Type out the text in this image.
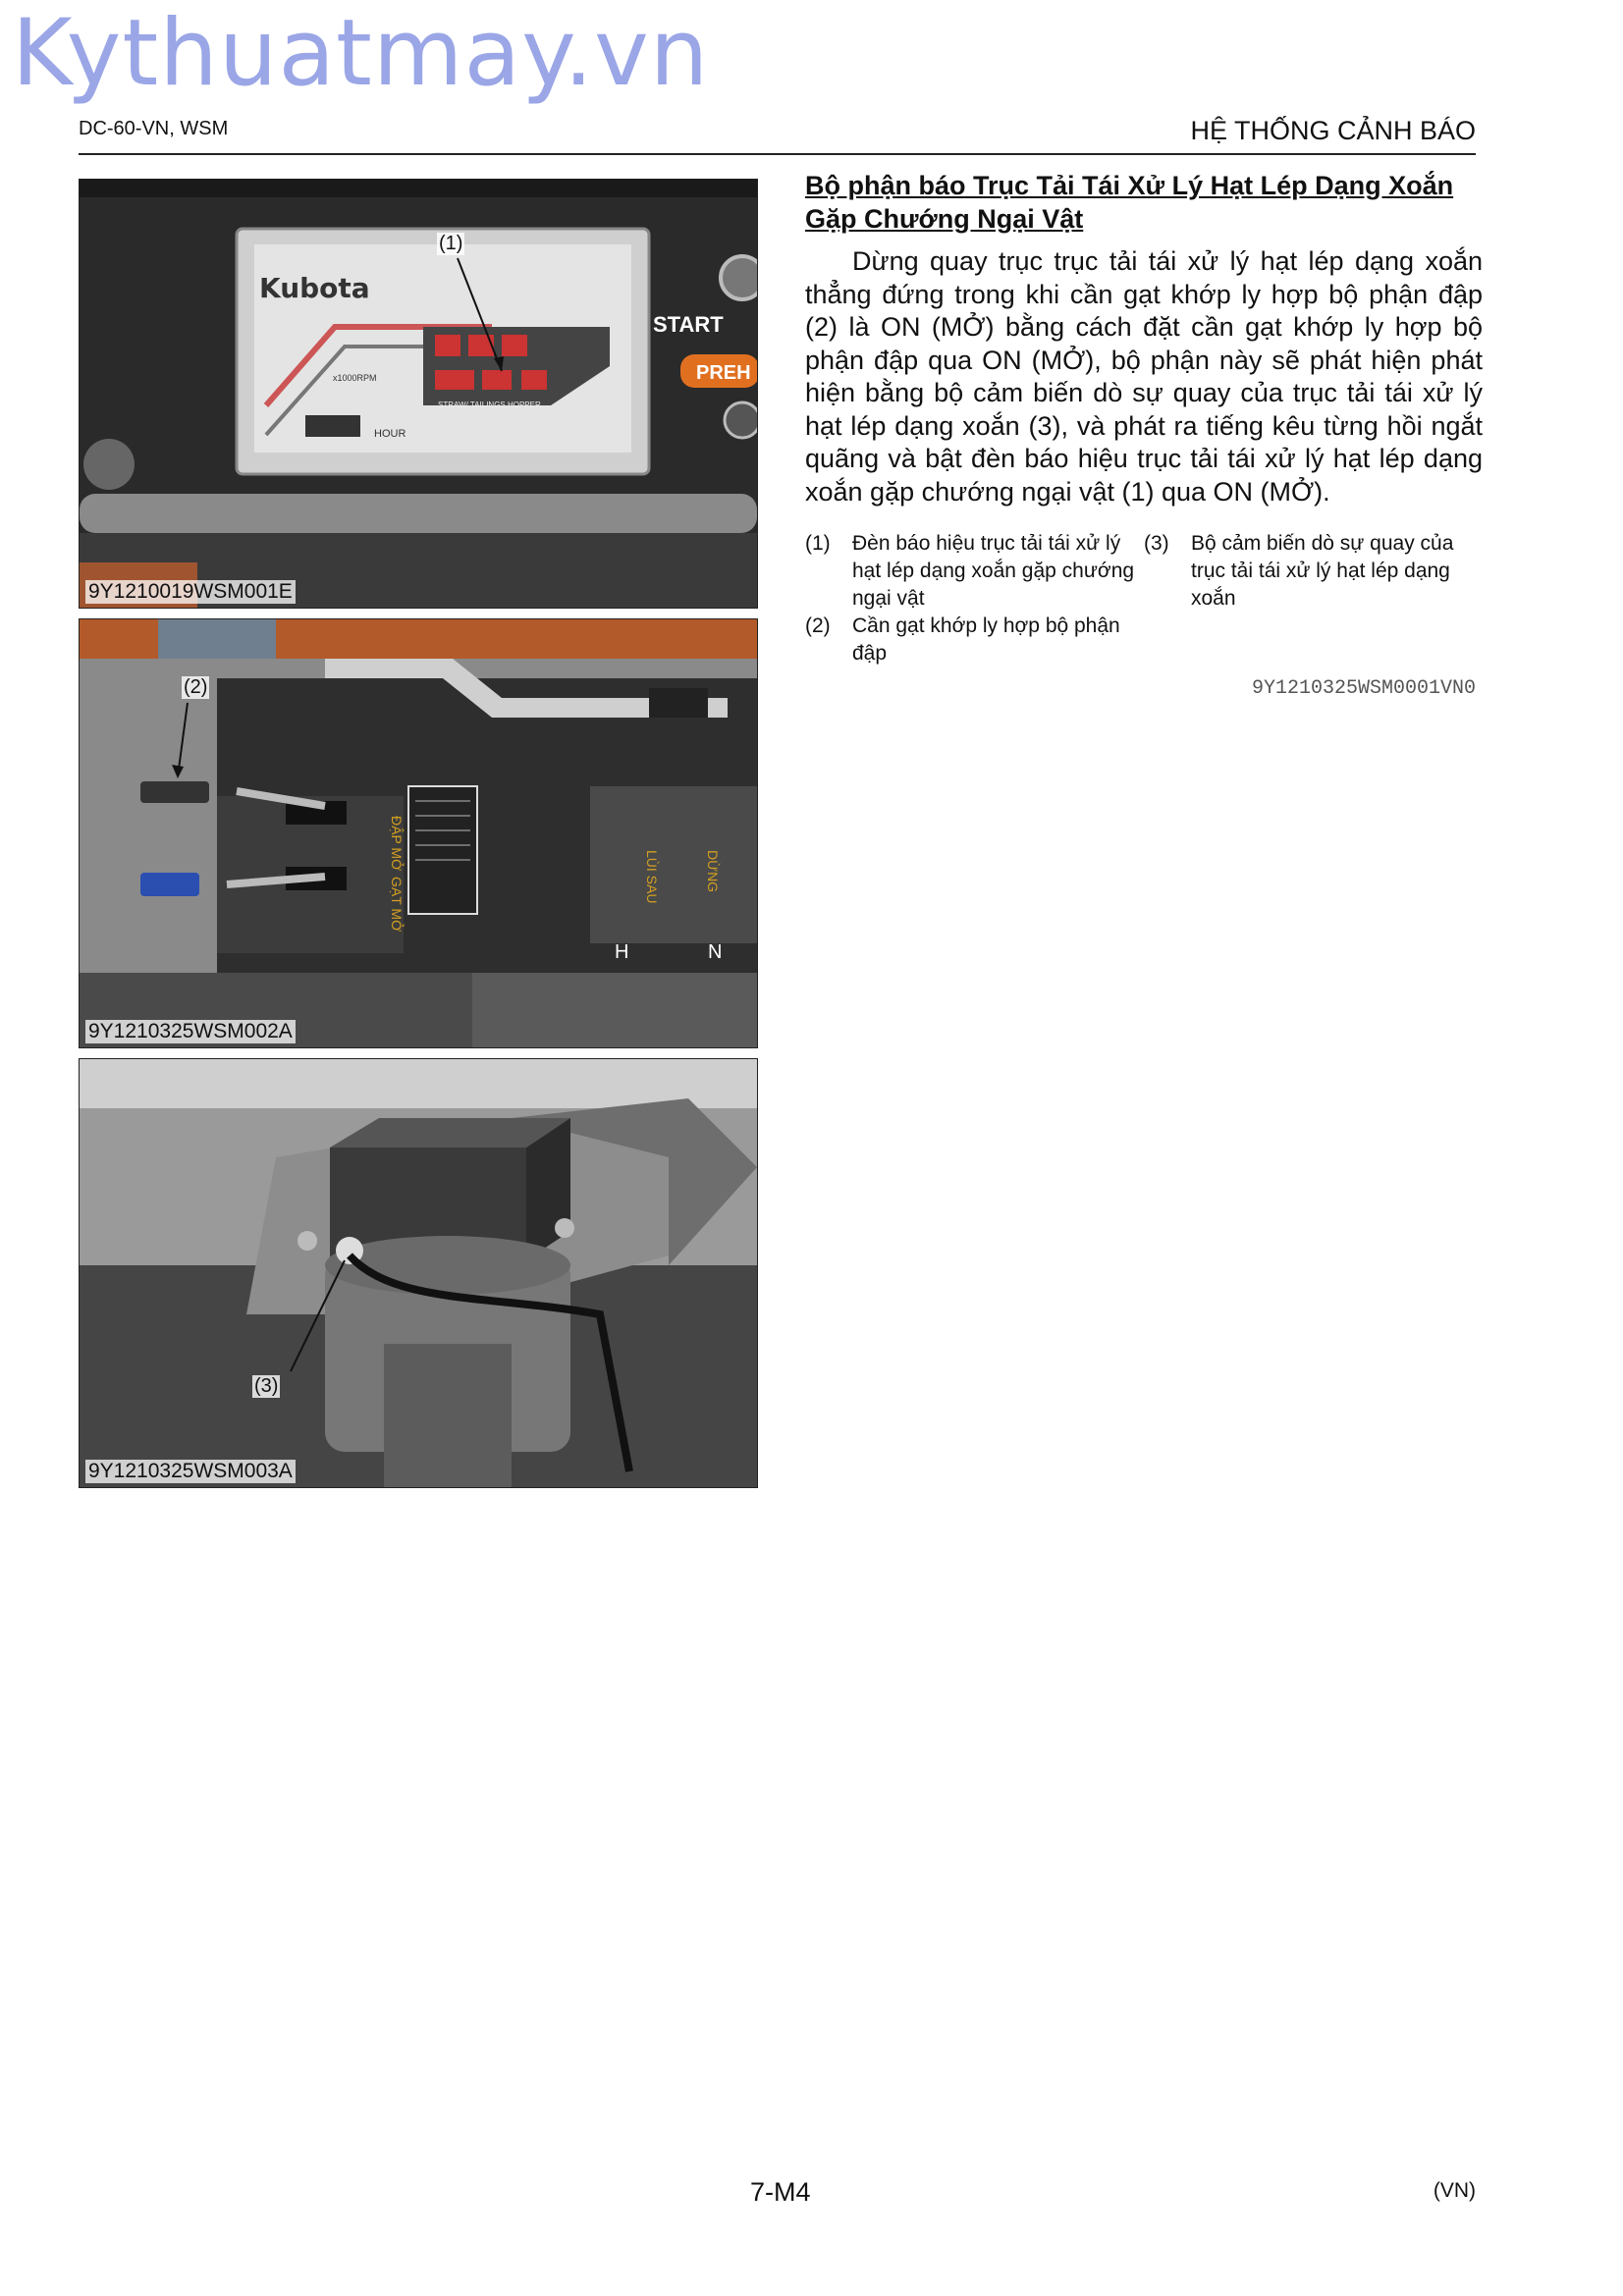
Kythuatmay.vn
DC-60-VN, WSM	HỆ THỐNG CẢNH BÁO
Kubota
HOUR
x1000RPM
STRAW/ TAILINGS HOPPER
START
PREH
(1)
9Y1210019WSM001E
ĐẬP MỞ
GẠT MỞ
DỪNG
LÙI SAU
H	N
(2)
9Y1210325WSM002A
(3)
9Y1210325WSM003A
Bộ phận báo Trục Tải Tái Xử Lý Hạt Lép Dạng Xoắn Gặp Chướng Ngại Vật

Dừng quay trục trục tải tái xử lý hạt lép dạng xoắn thẳng đứng trong khi cần gạt khớp ly hợp bộ phận đập (2) là ON (MỞ) bằng cách đặt cần gạt khớp ly hợp bộ phận đập qua ON (MỞ), bộ phận này sẽ phát hiện phát hiện bằng bộ cảm biến dò sự quay của trục tải tái xử lý hạt lép dạng xoắn (3), và phát ra tiếng kêu từng hồi ngắt quãng và bật đèn báo hiệu trục tải tái xử lý hạt lép dạng xoắn gặp chướng ngại vật (1) qua ON (MỞ).

(1) Đèn báo hiệu trục tải tái xử lý hạt lép dạng xoắn gặp chướng ngại vật
(2) Cần gạt khớp ly hợp bộ phận đập
(3) Bộ cảm biến dò sự quay của trục tải tái xử lý hạt lép dạng xoắn
9Y1210325WSM0001VN0
7-M4	(VN)
